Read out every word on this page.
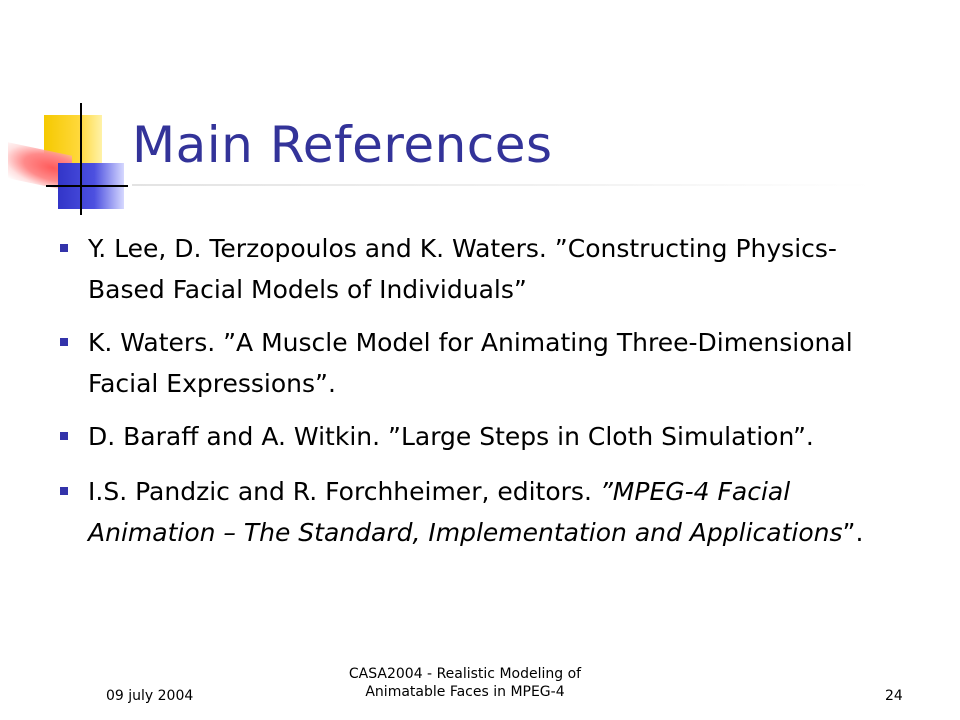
Main References
Y. Lee, D. Terzopoulos and K. Waters. ”Constructing Physics-Based Facial Models of Individuals”
K. Waters. ”A Muscle Model for Animating Three-Dimensional Facial Expressions”.
D. Baraff and A. Witkin. ”Large Steps in Cloth Simulation”.
I.S. Pandzic and R. Forchheimer, editors. ”MPEG-4 Facial Animation – The Standard, Implementation and Applications”.
09 july 2004
CASA2004 - Realistic Modeling of
Animatable Faces in MPEG-4	24
